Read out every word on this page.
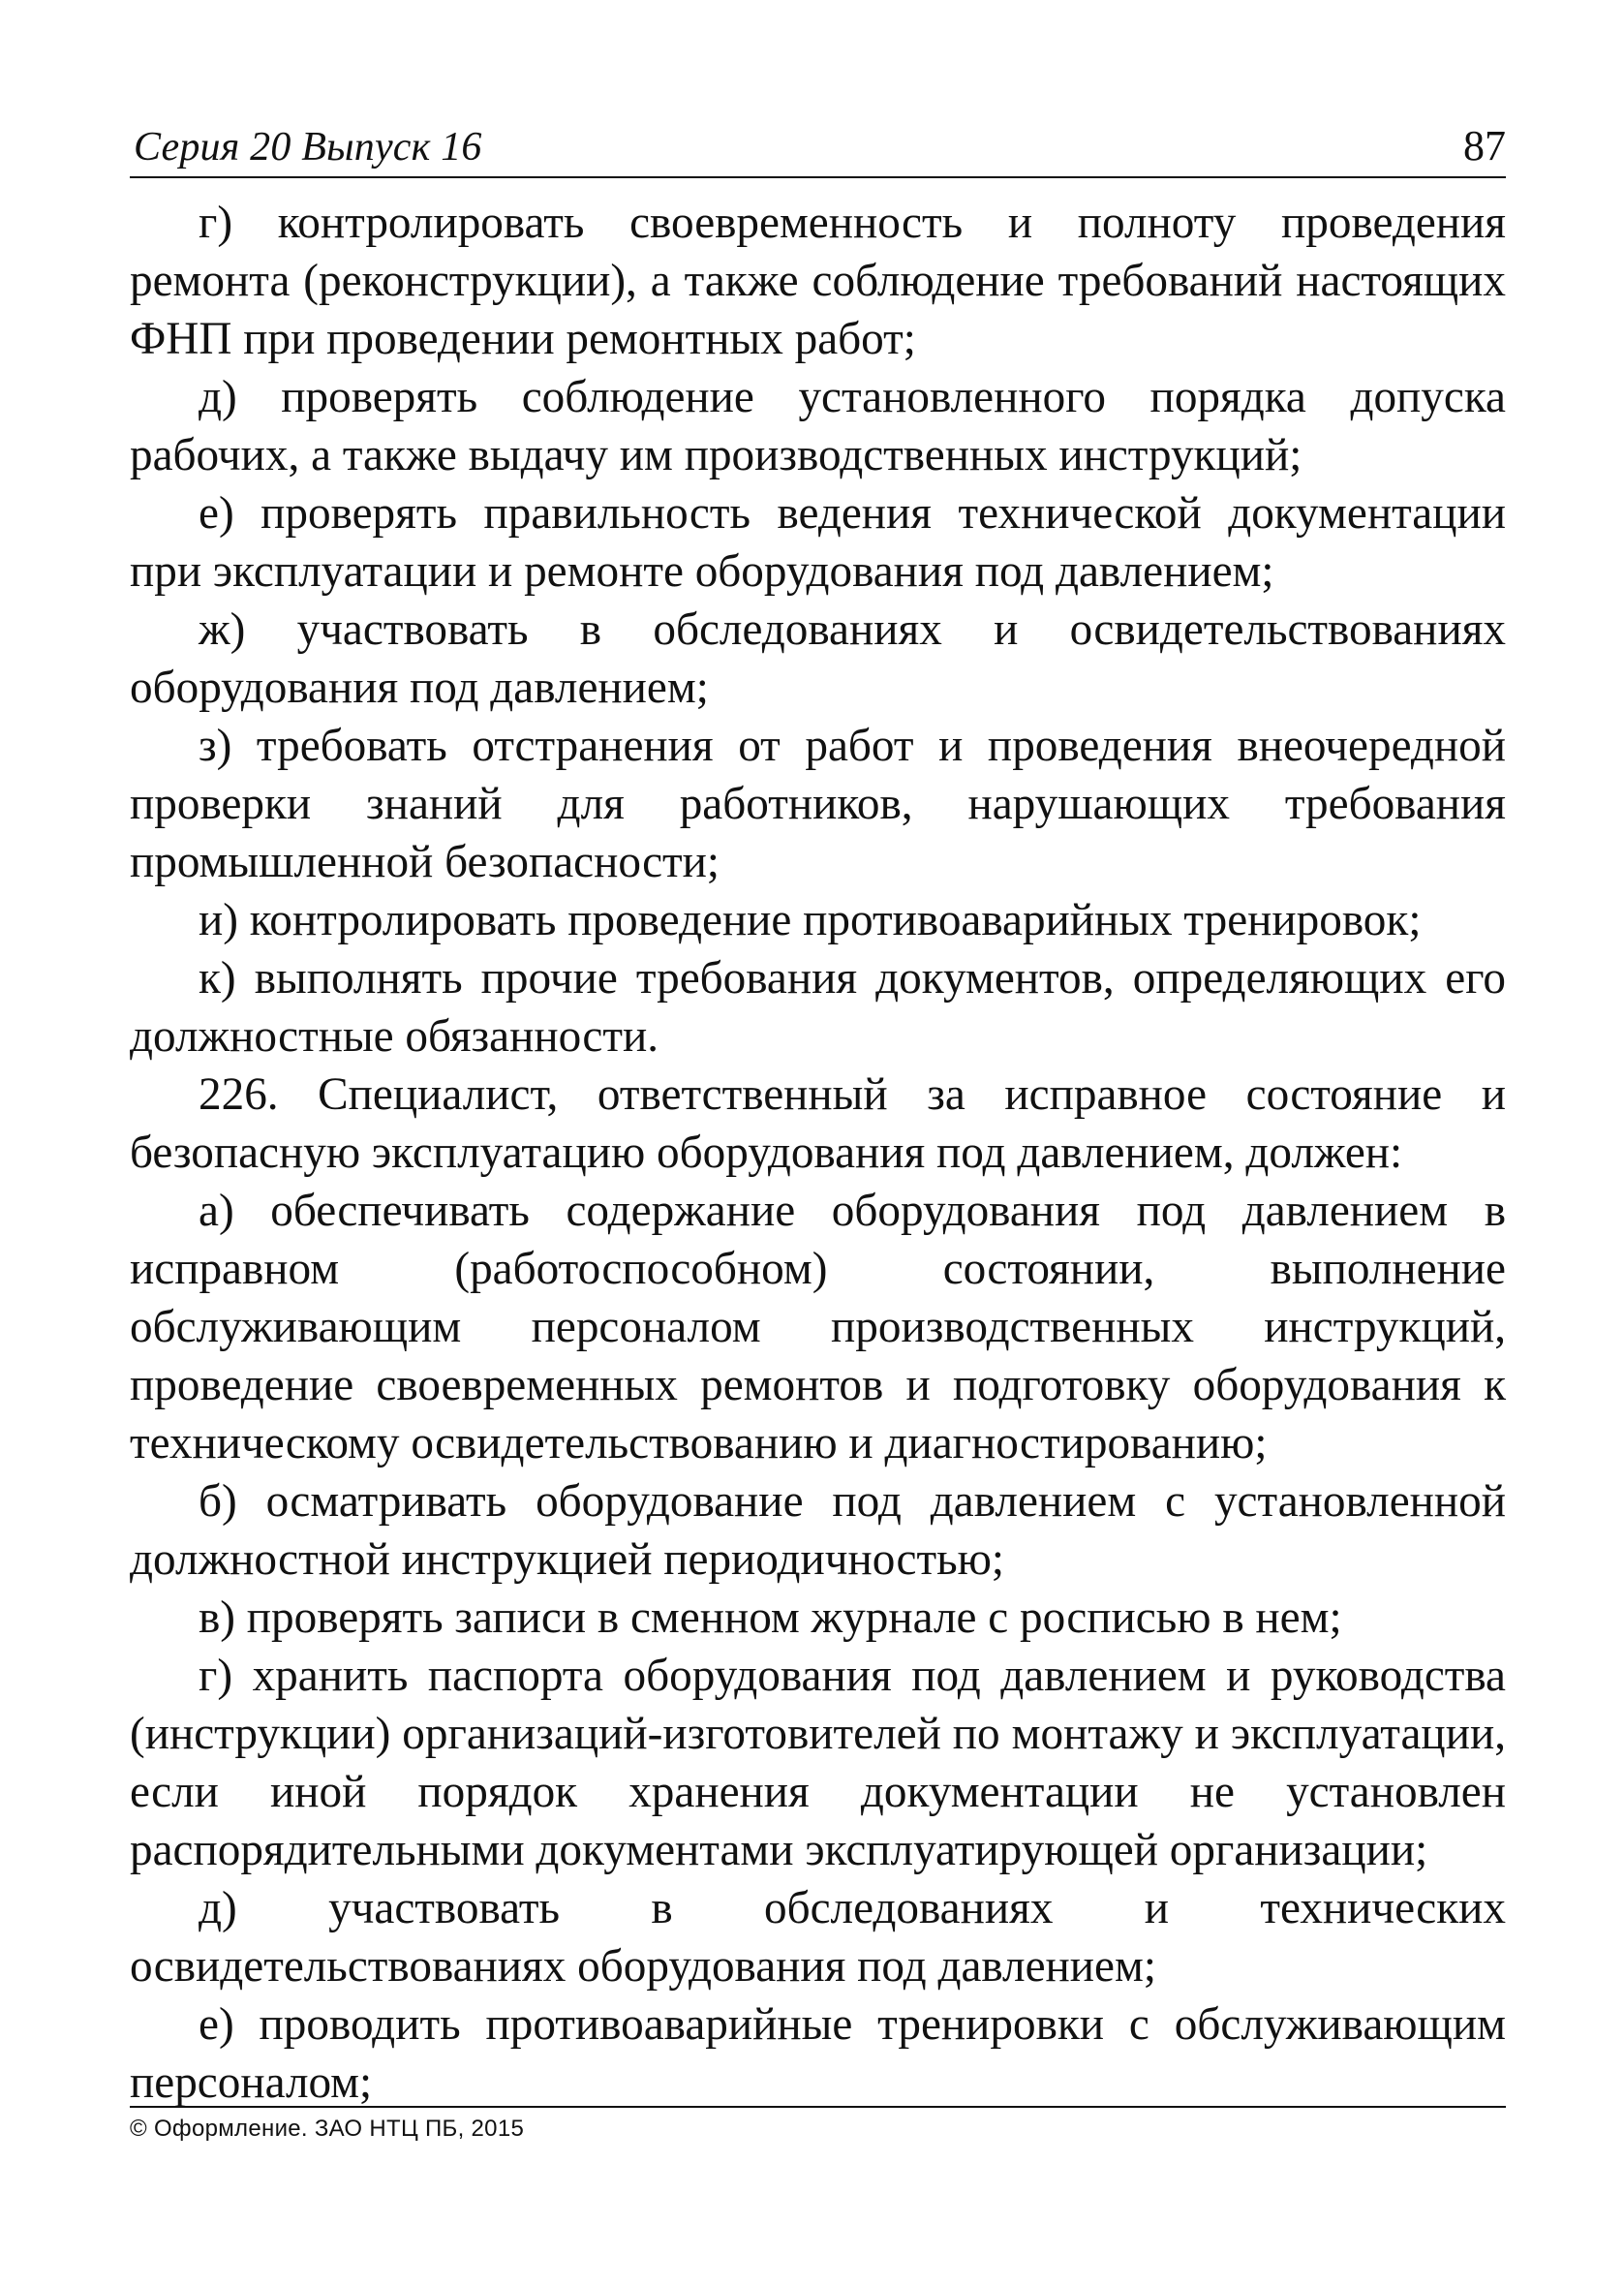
Серия 20 Выпуск 16	87

г) контролировать своевременность и полноту проведения ремонта (реконструкции), а также соблюдение требований настоящих ФНП при проведении ремонтных работ;

д) проверять соблюдение установленного порядка допуска рабочих, а также выдачу им производственных инструкций;

е) проверять правильность ведения технической документации при эксплуатации и ремонте оборудования под давлением;

ж) участвовать в обследованиях и освидетельствованиях оборудования под давлением;

з) требовать отстранения от работ и проведения внеочередной проверки знаний для работников, нарушающих требования промышленной безопасности;

и) контролировать проведение противоаварийных тренировок;

к) выполнять прочие требования документов, определяющих его должностные обязанности.

226. Специалист, ответственный за исправное состояние и безопасную эксплуатацию оборудования под давлением, должен:

а) обеспечивать содержание оборудования под давлением в исправном (работоспособном) состоянии, выполнение обслуживающим персоналом производственных инструкций, проведение своевременных ремонтов и подготовку оборудования к техническому освидетельствованию и диагностированию;

б) осматривать оборудование под давлением с установленной должностной инструкцией периодичностью;

в) проверять записи в сменном журнале с росписью в нем;

г) хранить паспорта оборудования под давлением и руководства (инструкции) организаций-изготовителей по монтажу и эксплуатации, если иной порядок хранения документации не установлен распорядительными документами эксплуатирующей организации;

д) участвовать в обследованиях и технических освидетельствованиях оборудования под давлением;

е) проводить противоаварийные тренировки с обслуживающим персоналом;

© Оформление. ЗАО НТЦ ПБ, 2015
